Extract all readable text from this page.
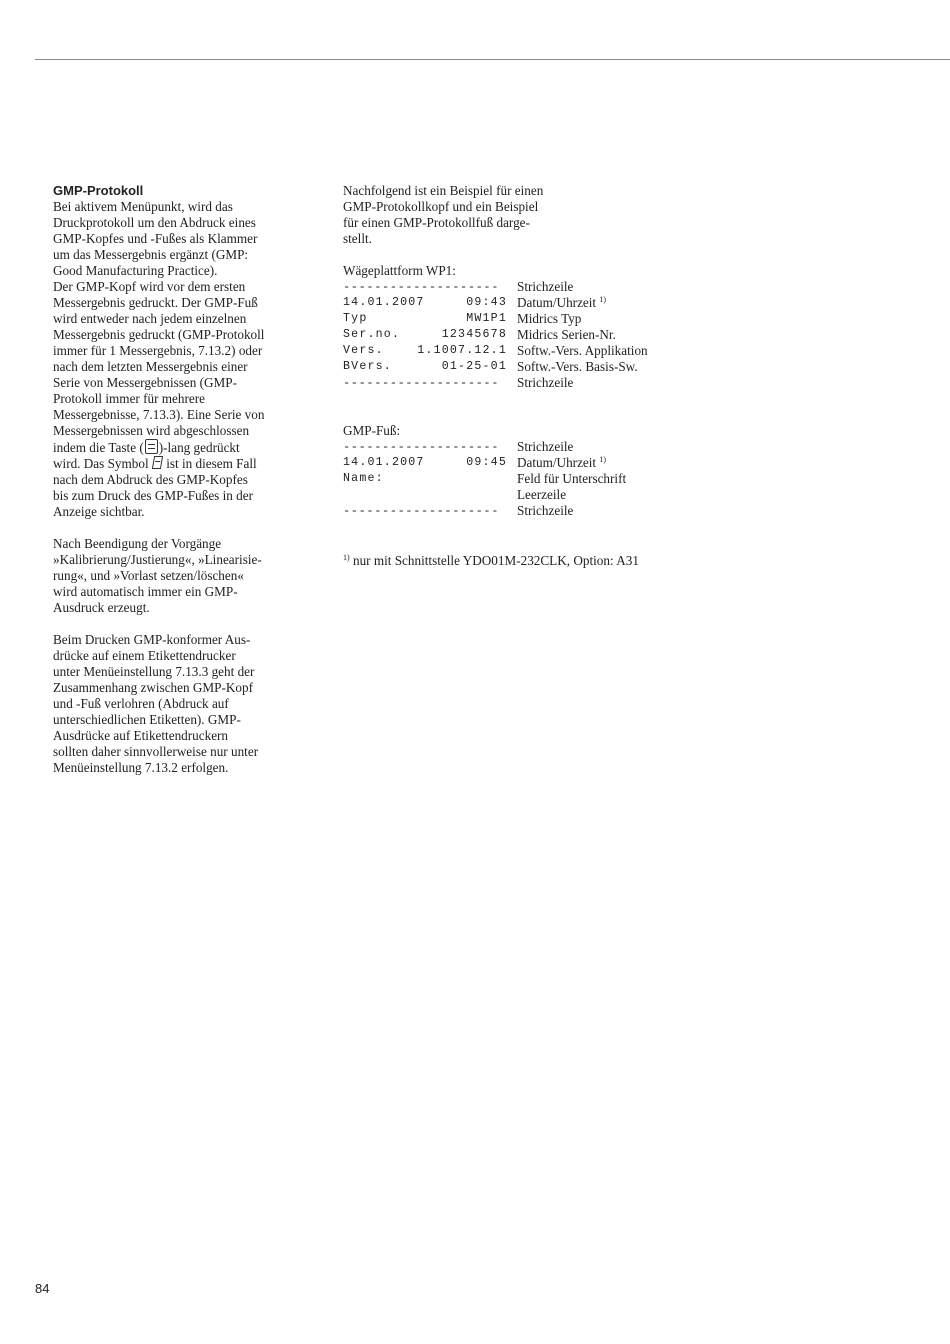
GMP-Protokoll
Bei aktivem Menüpunkt, wird das
Druckprotokoll um den Abdruck eines
GMP-Kopfes und -Fußes als Klammer
um das Messergebnis ergänzt (GMP:
Good Manufacturing Practice).
Der GMP-Kopf wird vor dem ersten
Messergebnis gedruckt. Der GMP-Fuß
wird entweder nach jedem einzelnen
Messergebnis gedruckt (GMP-Protokoll
immer für 1 Messergebnis, 7.13.2) oder
nach dem letzten Messergebnis einer
Serie von Messergebnissen (GMP-
Protokoll immer für mehrere
Messergebnisse, 7.13.3). Eine Serie von
Messergebnissen wird abgeschlossen
indem die Taste ( )-lang gedrückt
wird. Das Symbol  ist in diesem Fall
nach dem Abdruck des GMP-Kopfes
bis zum Druck des GMP-Fußes in der
Anzeige sichtbar.
Nach Beendigung der Vorgänge
»Kalibrierung/Justierung«, »Linearisie-
rung«, und »Vorlast setzen/löschen«
wird automatisch immer ein GMP-
Ausdruck erzeugt.
Beim Drucken GMP-konformer Aus-
drücke auf einem Etikettendrucker
unter Menüeinstellung 7.13.3 geht der
Zusammenhang zwischen GMP-Kopf
und -Fuß verlohren (Abdruck auf
unterschiedlichen Etiketten). GMP-
Ausdrücke auf Etikettendruckern
sollten daher sinnvollerweise nur unter
Menüeinstellung 7.13.2 erfolgen.
Nachfolgend ist ein Beispiel für einen
GMP-Protokollkopf und ein Beispiel
für einen GMP-Protokollfuß darge-
stellt.
Wägeplattform WP1:
-------------------- Strichzeile
14.01.2007	09:43 Datum/Uhrzeit $^{1)}$
Typ	MW1P1 Midrics Typ
Ser.no.	12345678 Midrics Serien-Nr.
Vers.	1.1007.12.1 Softw.-Vers. Applikation
BVers.	01-25-01 Softw.-Vers. Basis-Sw.
-------------------- Strichzeile
GMP-Fuß:
-------------------- Strichzeile
14.01.2007	09:45 Datum/Uhrzeit $^{1)}$
Name:	Feld für Unterschrift
Leerzeile
-------------------- Strichzeile
$^{1)}$ nur mit Schnittstelle YDO01M-232CLK, Option: A31
84
